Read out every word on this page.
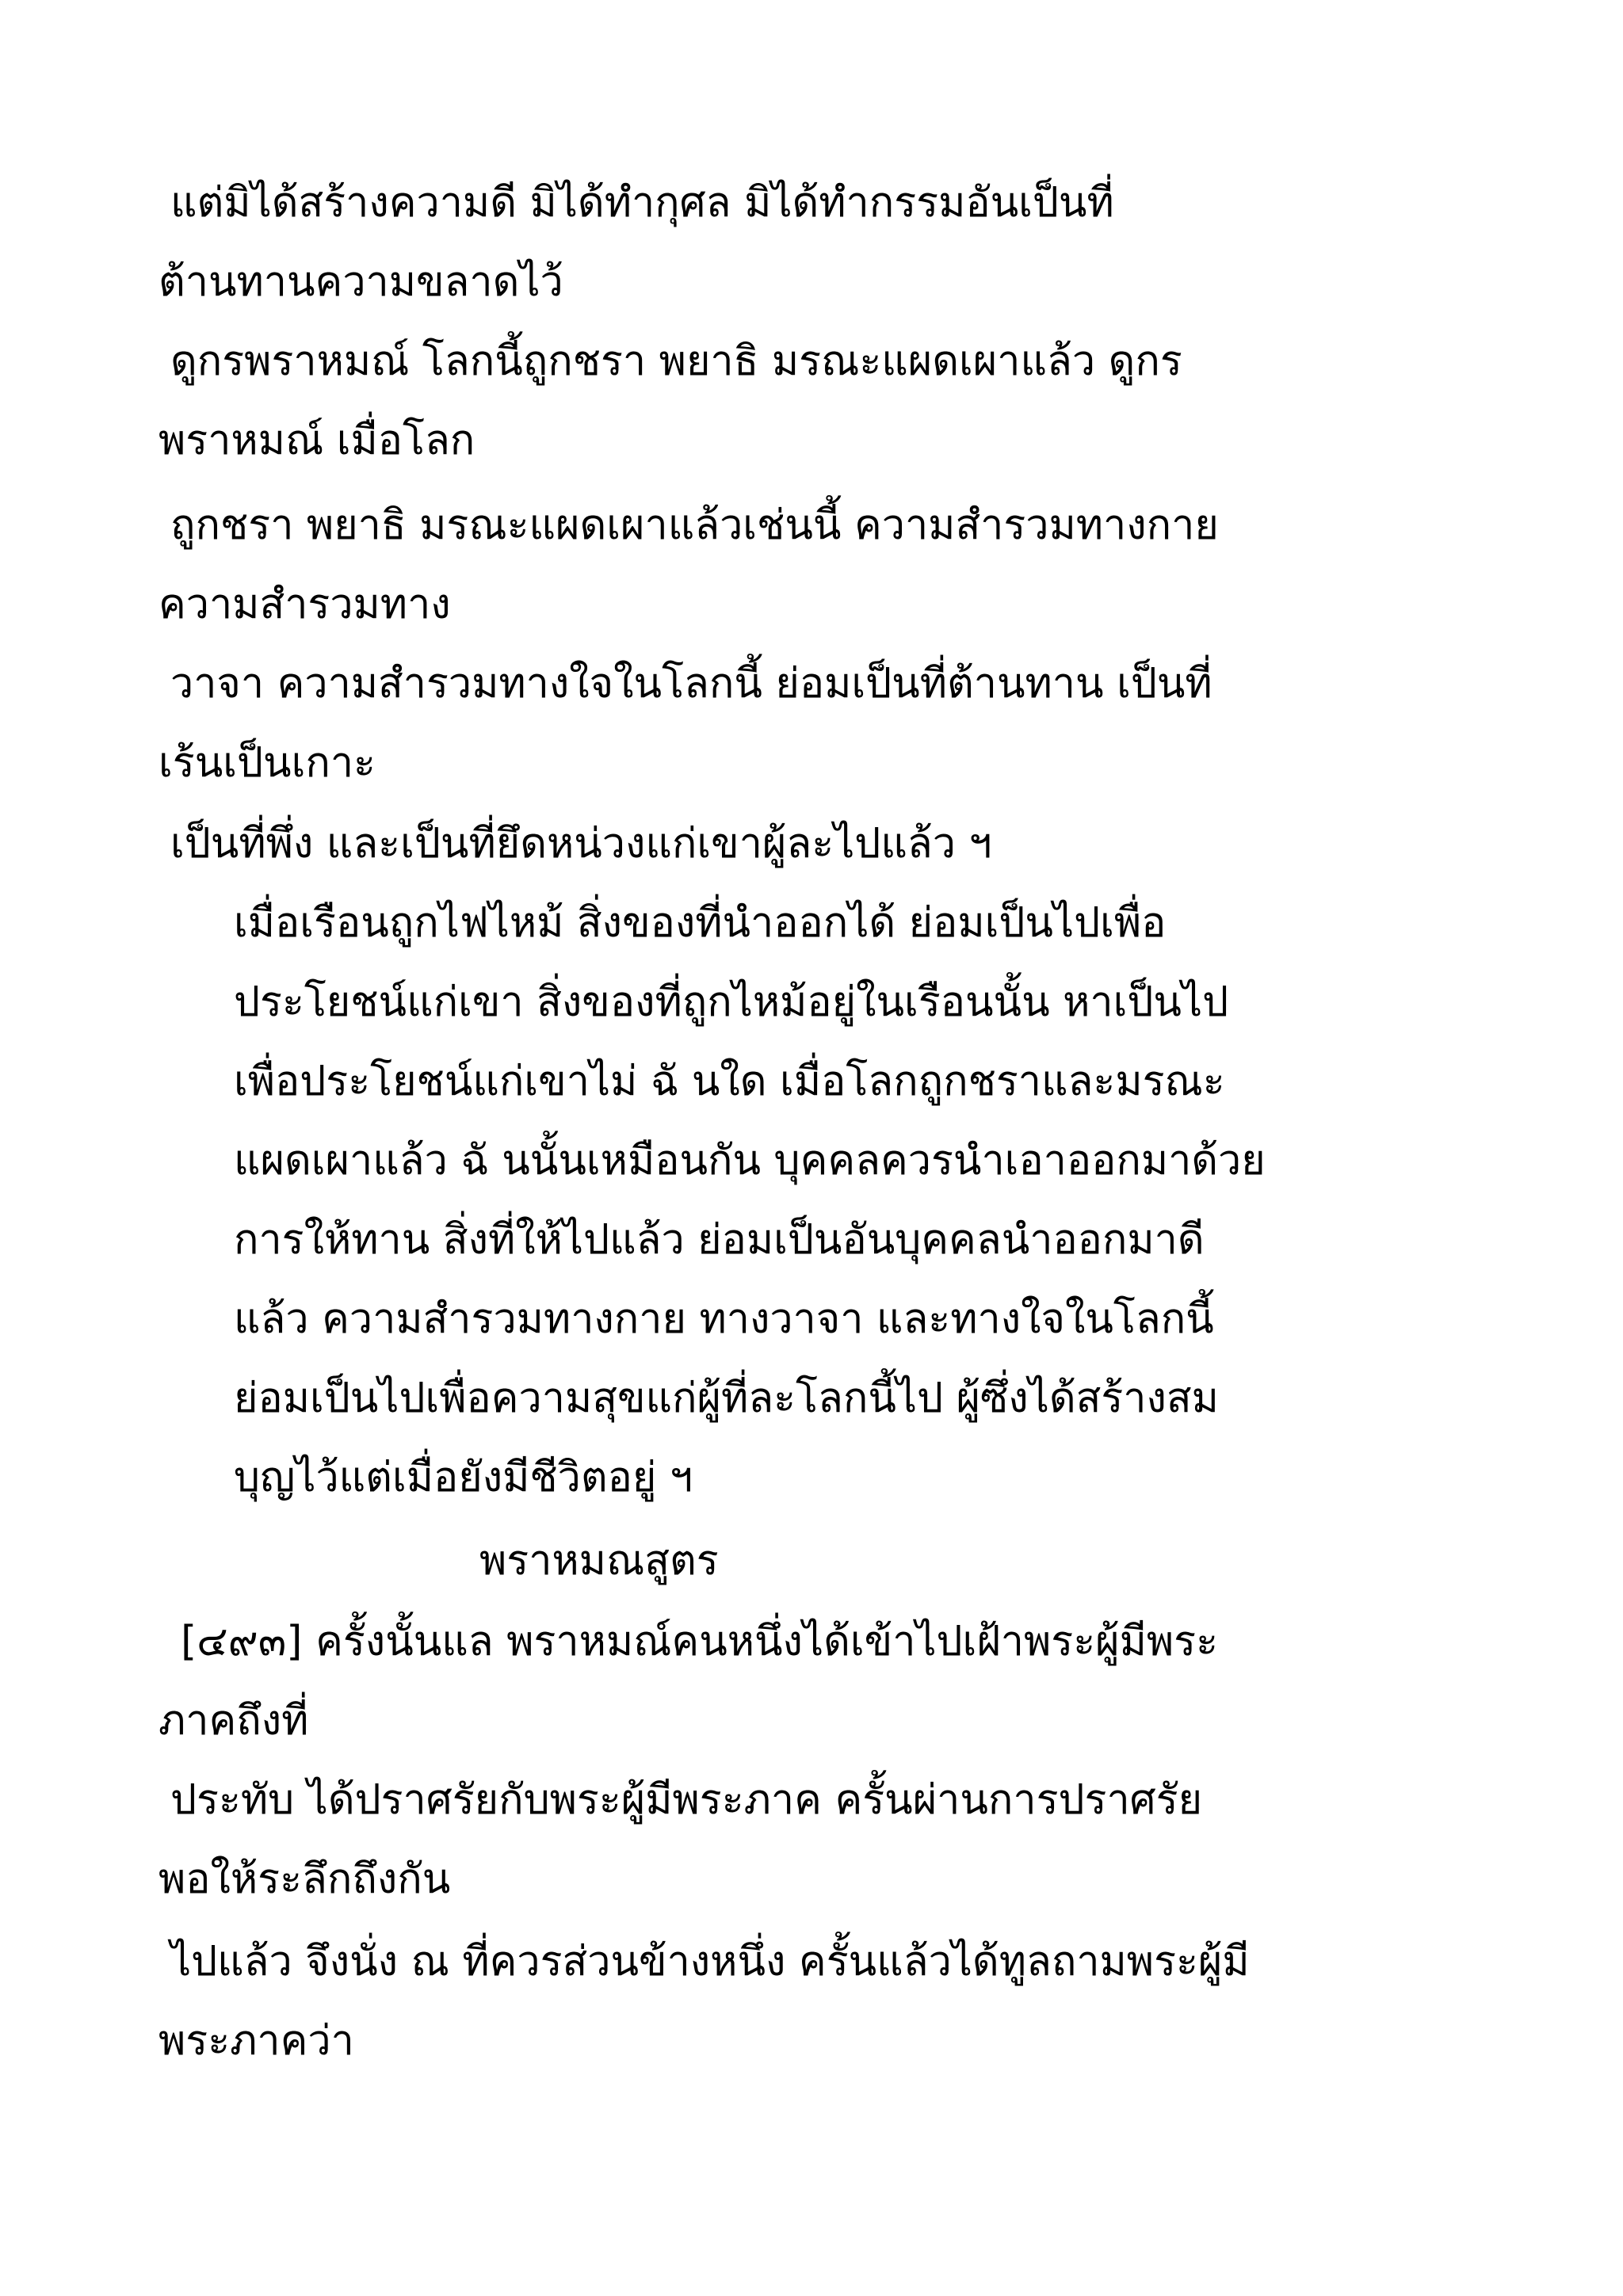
แต่มิได้สร้างความดี มิได้ทำกุศล มิได้ทำกรรมอันเป็นที่
ต้านทานความขลาดไว้
ดูกรพราหมณ์ โลกนี้ถูกชรา พยาธิ มรณะแผดเผาแล้ว ดูกร
พราหมณ์ เมื่อโลก
ถูกชรา พยาธิ มรณะแผดเผาแล้วเช่นนี้ ความสำรวมทางกาย
ความสำรวมทาง
วาจา ความสำรวมทางใจในโลกนี้ ย่อมเป็นที่ต้านทาน เป็นที่
เร้นเป็นเกาะ
เป็นที่พึ่ง และเป็นที่ยึดหน่วงแก่เขาผู้ละไปแล้ว ฯ
เมื่อเรือนถูกไฟไหม้ สิ่งของที่นำออกได้ ย่อมเป็นไปเพื่อ
ประโยชน์แก่เขา สิ่งของที่ถูกไหม้อยู่ในเรือนนั้น หาเป็นไป
เพื่อประโยชน์แก่เขาไม่ ฉั นใด เมื่อโลกถูกชราและมรณะ
แผดเผาแล้ว ฉั นนั้นเหมือนกัน บุคคลควรนำเอาออกมาด้วย
การให้ทาน สิ่งที่ให้ไปแล้ว ย่อมเป็นอันบุคคลนำออกมาดี
แล้ว ความสำรวมทางกาย ทางวาจา และทางใจในโลกนี้
ย่อมเป็นไปเพื่อความสุขแก่ผู้ที่ละโลกนี้ไป ผู้ซึ่งได้สร้างสม
บุญไว้แต่เมื่อยังมีชีวิตอยู่ ฯ
พราหมณสูตร
[๔๙๓] ครั้งนั้นแล พราหมณ์คนหนึ่งได้เข้าไปเฝ้าพระผู้มีพระ
ภาคถึงที่
ประทับ ได้ปราศรัยกับพระผู้มีพระภาค ครั้นผ่านการปราศรัย
พอให้ระลึกถึงกัน
ไปแล้ว จึงนั่ง ณ ที่ควรส่วนข้างหนึ่ง ครั้นแล้วได้ทูลถามพระผู้มี
พระภาคว่า
